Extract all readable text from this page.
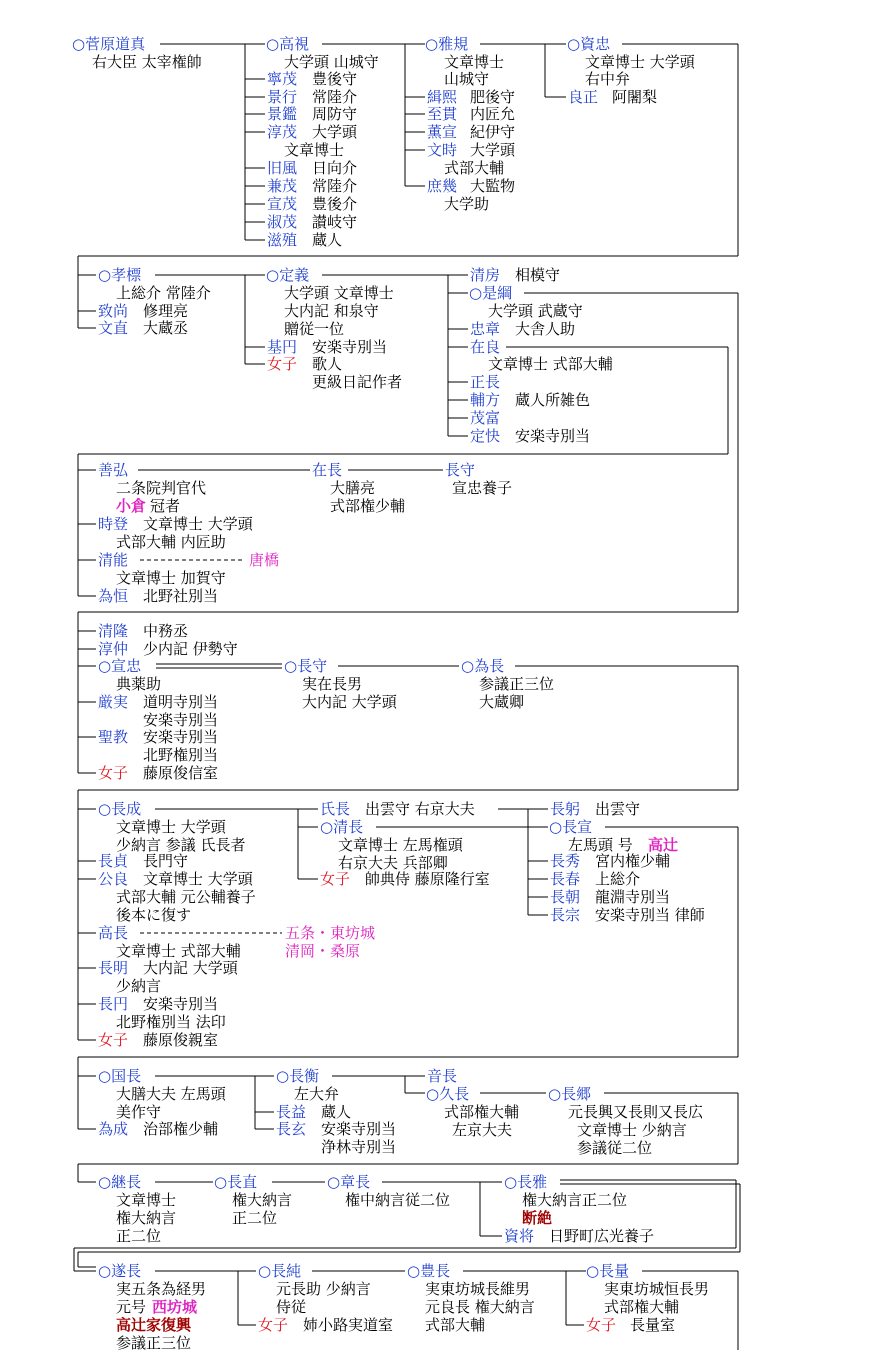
○菅原道真
右大臣 太宰権帥
○高視
大学頭 山城守
寧茂 豊後守
景行 常陸介
景鑑 周防守
淳茂 大学頭
文章博士
旧風 日向介
兼茂 常陸介
宣茂 豊後介
淑茂 讃岐守
滋殖 蔵人
○雅規
文章博士
山城守
緝熙 肥後守
至貫 内匠允
薫宣 紀伊守
文時 大学頭
式部大輔
庶幾 大監物
大学助
○資忠
文章博士 大学頭
右中弁
良正 阿闍梨
○孝標
上総介 常陸介
致尚 修理亮
文直 大蔵丞
○定義
大学頭 文章博士
大内記 和泉守
贈従一位
基円 安楽寺別当
女子 歌人
更級日記作者
清房 相模守
○是綱
大学頭 武蔵守
忠章 大舎人助
在良
文章博士 式部大輔
正長
輔方 蔵人所雑色
茂富
定快 安楽寺別当
善弘
二条院判官代
小倉 冠者
時登 文章博士 大学頭
式部大輔 内匠助
清能	唐橋
文章博士 加賀守
為恒 北野社別当
在長
大膳亮
式部権少輔
長守
宣忠養子
清隆 中務丞
淳仲 少内記 伊勢守
○宣忠
典薬助
厳実 道明寺別当
安楽寺別当
聖教 安楽寺別当
北野権別当
女子 藤原俊信室
○長守
実在長男
大内記 大学頭
○為長
参議正三位
大蔵卿
○長成
文章博士 大学頭
少納言 参議 氏長者
長貞 長門守
公良 文章博士 大学頭
式部大輔 元公輔養子
後本に復す
高長	五条・東坊城
文章博士 式部大輔	清岡・桑原
長明 大内記 大学頭
少納言
長円 安楽寺別当
北野権別当 法印
女子 藤原俊親室
氏長 出雲守 右京大夫
○清長
文章博士 左馬権頭
右京大夫 兵部卿
女子 帥典侍 藤原隆行室
長躬 出雲守
○長宣
左馬頭 号 高辻
長秀 宮内権少輔
長春 上総介
長朝 龍淵寺別当
長宗 安楽寺別当 律師
○国長
大膳大夫 左馬頭
美作守
為成 治部権少輔
○長衡
左大弁
長益 蔵人
長玄 安楽寺別当
浄林寺別当
音長
○久長
式部権大輔
左京大夫
○長郷
元長興又長則又長広
文章博士 少納言
参議従二位
○継長
文章博士
権大納言
正二位
○長直
権大納言
正二位
○章長
権中納言従二位
○長雅
権大納言正二位
断絶
資将 日野町広光養子
○遂長
実五条為経男
元号 西坊城
高辻家復興
参議正三位
○長純
元長助 少納言
侍従
女子 姉小路実道室
○豊長
実東坊城長維男
元良長 権大納言
式部大輔
○長量
実東坊城恒長男
式部権大輔
女子 長量室
